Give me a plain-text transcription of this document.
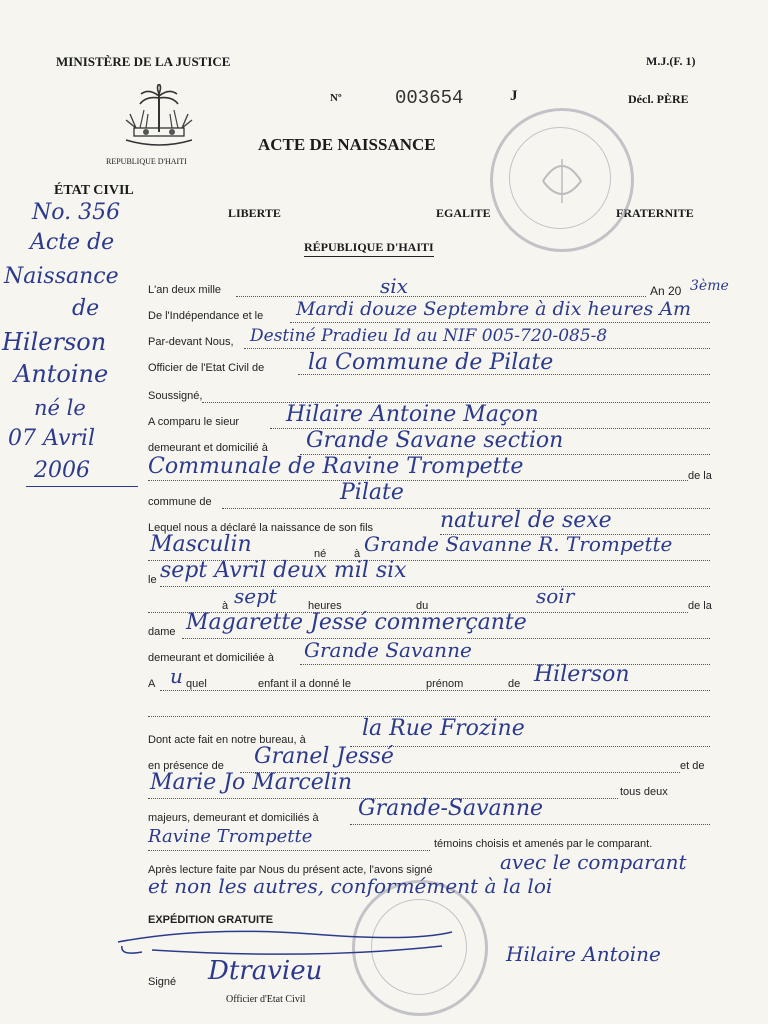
MINISTÈRE DE LA JUSTICE	M.J.(F. 1)
Nº	003654	J	Décl. PÈRE
REPUBLIQUE D'HAITI
ACTE DE NAISSANCE
ÉTAT CIVIL
LIBERTE	EGALITE	FRATERNITE
RÉPUBLIQUE D'HAITI
No. 356
Acte de
Naissance
de
Hilerson
Antoine
né le
07 Avril
2006
L'an deux mille	six	An 20 3ème
De l'Indépendance et le Mardi douze Septembre à dix heures Am
Par-devant Nous, Destiné Pradieu Id au NIF 005-720-085-8
Officier de l'Etat Civil de la Commune de Pilate
Soussigné,
A comparu le sieur Hilaire Antoine Maçon
demeurant et domicilié à Grande Savane section
Communale de Ravine Trompette	de la
commune de	Pilate
Lequel nous a déclaré la naissance de son fils	naturel de sexe
Masculin	né	à Grande Savanne R. Trompette
le sept Avril deux mil six
à sept	heures	du	soir	de la
dame Magarette Jessé commerçante
demeurant et domiciliée à Grande Savanne
A u quel	enfant il a donné le	prénom	de Hilerson
Dont acte fait en notre bureau, à	la Rue Frozine
en présence de Granel Jessé	et de
Marie Jo Marcelin	tous deux
majeurs, demeurant et domiciliés à Grande-Savanne
Ravine Trompette	témoins choisis et amenés par le comparant.
Après lecture faite par Nous du présent acte, l'avons signé	avec le comparant
et non les autres, conformément à la loi
EXPÉDITION GRATUITE
Signé Dtravieu
Hilaire Antoine
Officier d'Etat Civil
